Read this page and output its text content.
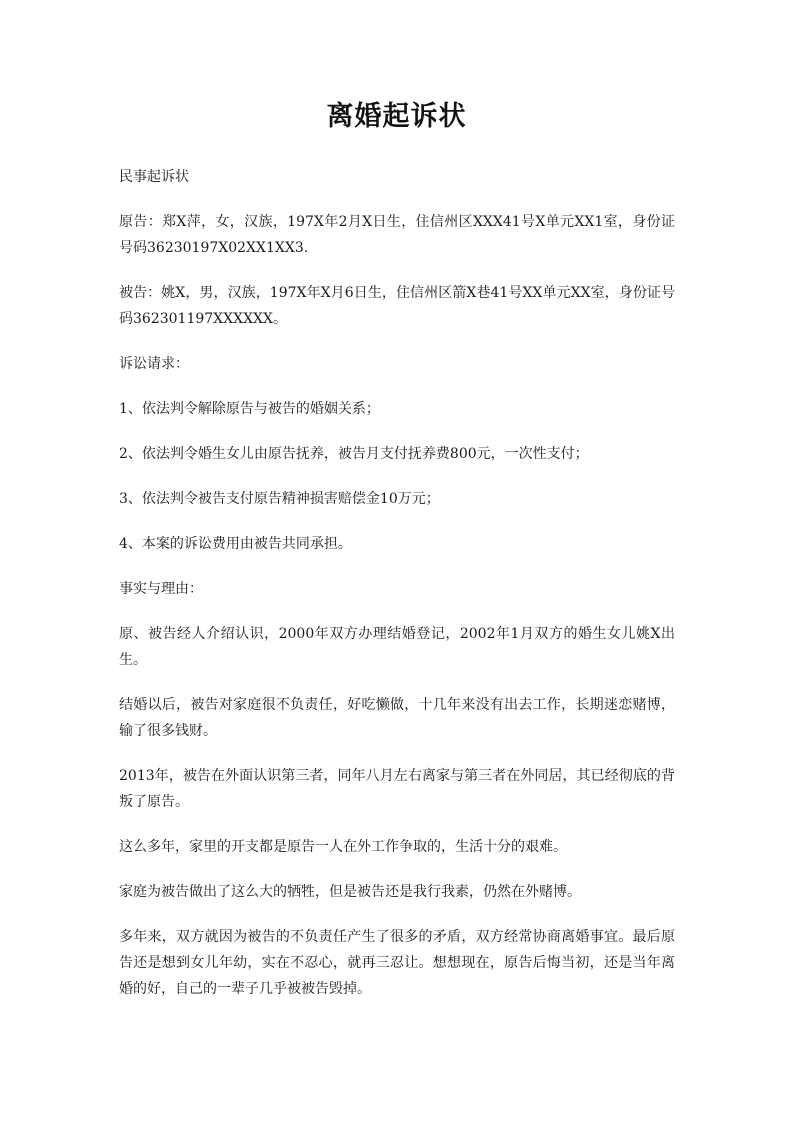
离婚起诉状

民事起诉状

原告：郑X萍，女，汉族，197X年2月X日生，住信州区XXX41号X单元XX1室，身份证号码36230197X02XX1XX3.

被告：姚X，男，汉族，197X年X月6日生，住信州区箭X巷41号XX单元XX室，身份证号码362301197XXXXXX。

诉讼请求：

1、依法判令解除原告与被告的婚姻关系；

2、依法判令婚生女儿由原告抚养，被告月支付抚养费800元，一次性支付；

3、依法判令被告支付原告精神损害赔偿金10万元；

4、本案的诉讼费用由被告共同承担。

事实与理由：

原、被告经人介绍认识，2000年双方办理结婚登记，2002年1月双方的婚生女儿姚X出生。

结婚以后，被告对家庭很不负责任，好吃懒做，十几年来没有出去工作，长期迷恋赌博，输了很多钱财。

2013年，被告在外面认识第三者，同年八月左右离家与第三者在外同居，其已经彻底的背叛了原告。

这么多年，家里的开支都是原告一人在外工作争取的，生活十分的艰难。

家庭为被告做出了这么大的牺牲，但是被告还是我行我素，仍然在外赌博。

多年来，双方就因为被告的不负责任产生了很多的矛盾，双方经常协商离婚事宜。最后原告还是想到女儿年幼，实在不忍心，就再三忍让。想想现在，原告后悔当初，还是当年离婚的好，自己的一辈子几乎被被告毁掉。
